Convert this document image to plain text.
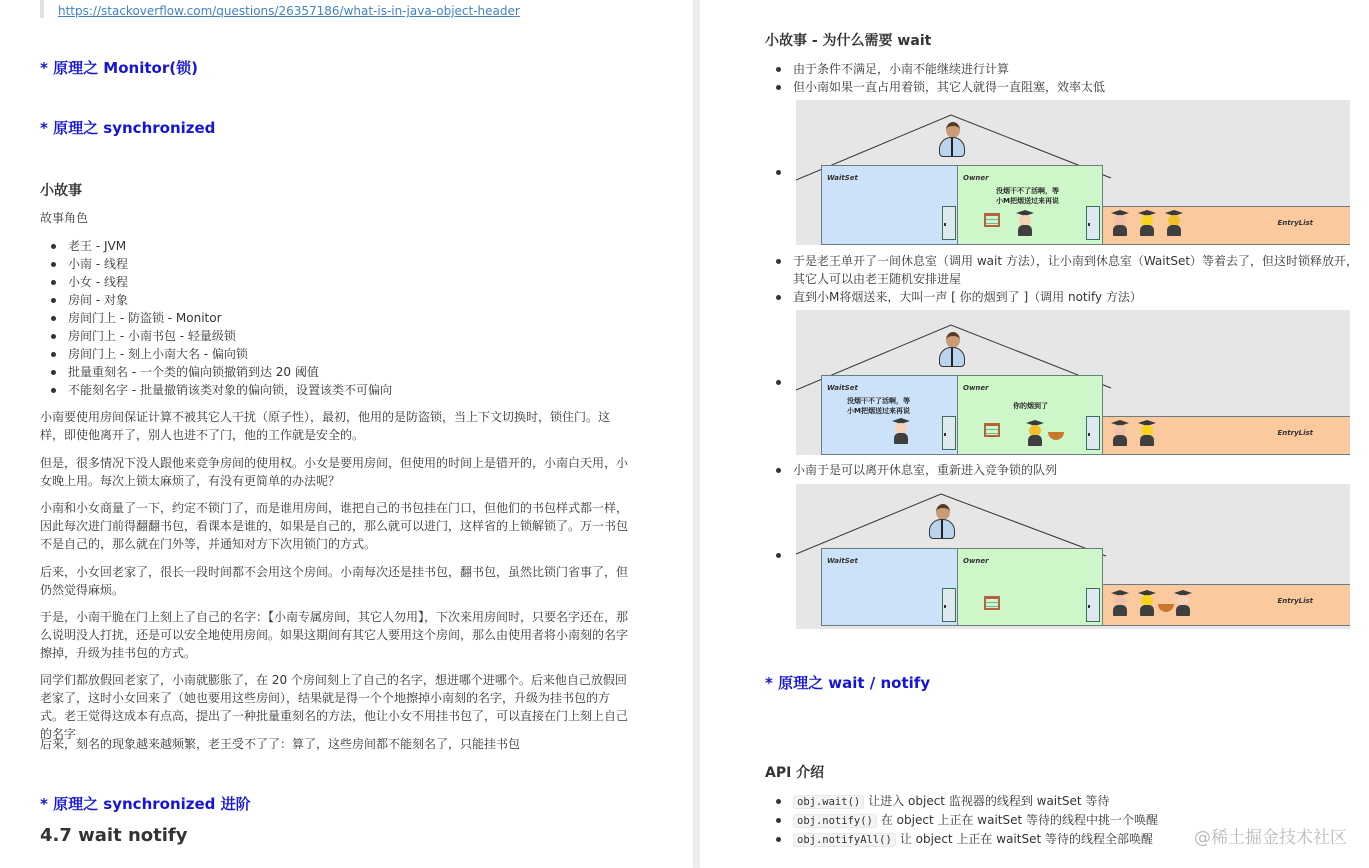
https://stackoverflow.com/questions/26357186/what-is-in-java-object-header
* 原理之 Monitor(锁)
* 原理之 synchronized
小故事
故事角色
老王 - JVM
小南 - 线程
小女 - 线程
房间 - 对象
房间门上 - 防盗锁 - Monitor
房间门上 - 小南书包 - 轻量级锁
房间门上 - 刻上小南大名 - 偏向锁
批量重刻名 - 一个类的偏向锁撤销到达 20 阈值
不能刻名字 - 批量撤销该类对象的偏向锁，设置该类不可偏向

小南要使用房间保证计算不被其它人干扰（原子性），最初，他用的是防盗锁，当上下文切换时，锁住门。这样，即使他离开了，别人也进不了门，他的工作就是安全的。

但是，很多情况下没人跟他来竞争房间的使用权。小女是要用房间，但使用的时间上是错开的，小南白天用，小女晚上用。每次上锁太麻烦了，有没有更简单的办法呢？

小南和小女商量了一下，约定不锁门了，而是谁用房间，谁把自己的书包挂在门口，但他们的书包样式都一样，因此每次进门前得翻翻书包，看课本是谁的，如果是自己的，那么就可以进门，这样省的上锁解锁了。万一书包不是自己的，那么就在门外等，并通知对方下次用锁门的方式。

后来，小女回老家了，很长一段时间都不会用这个房间。小南每次还是挂书包，翻书包，虽然比锁门省事了，但仍然觉得麻烦。

于是，小南干脆在门上刻上了自己的名字：【小南专属房间，其它人勿用】，下次来用房间时，只要名字还在，那么说明没人打扰，还是可以安全地使用房间。如果这期间有其它人要用这个房间，那么由使用者将小南刻的名字擦掉，升级为挂书包的方式。

同学们都放假回老家了，小南就膨胀了，在 20 个房间刻上了自己的名字，想进哪个进哪个。后来他自己放假回老家了，这时小女回来了（她也要用这些房间），结果就是得一个个地擦掉小南刻的名字，升级为挂书包的方式。老王觉得这成本有点高，提出了一种批量重刻名的方法，他让小女不用挂书包了，可以直接在门上刻上自己的名字

后来，刻名的现象越来越频繁，老王受不了了：算了，这些房间都不能刻名了，只能挂书包

* 原理之 synchronized 进阶
4.7 wait notify
小故事 - 为什么需要 wait
由于条件不满足，小南不能继续进行计算
但小南如果一直占用着锁，其它人就得一直阻塞，效率太低
WaitSet	Owner
没烟干不了活啊，等
小M把烟送过来再说
EntryList
于是老王单开了一间休息室（调用 wait 方法），让小南到休息室（WaitSet）等着去了，但这时锁释放开，
其它人可以由老王随机安排进屋
直到小M将烟送来，大叫一声 [ 你的烟到了 ]（调用 notify 方法）
WaitSet
没烟干不了活啊，等
小M把烟送过来再说
Owner
你的烟到了
EntryList
小南于是可以离开休息室，重新进入竞争锁的队列
WaitSet	Owner
EntryList
* 原理之 wait / notify
API 介绍
obj.wait() 让进入 object 监视器的线程到 waitSet 等待
obj.notify() 在 object 上正在 waitSet 等待的线程中挑一个唤醒
obj.notifyAll() 让 object 上正在 waitSet 等待的线程全部唤醒 @稀土掘金技术社区
